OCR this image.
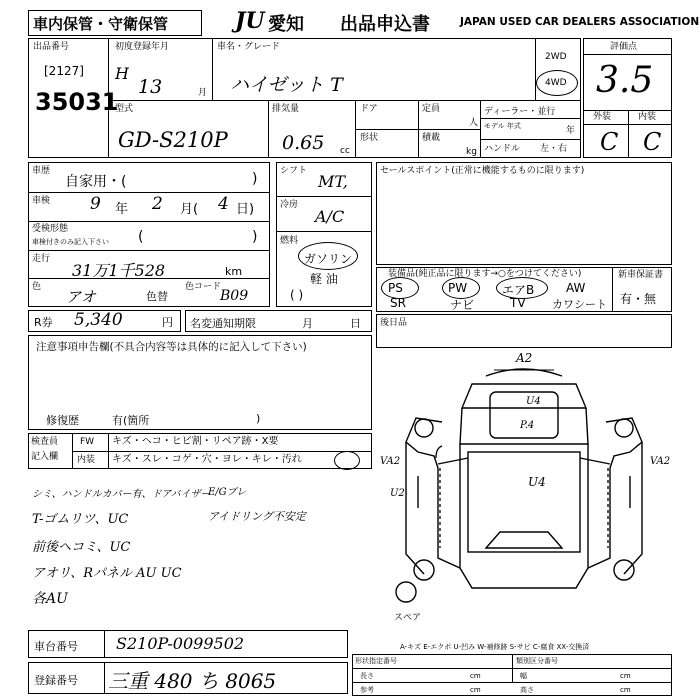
車内保管・守衛保管	JU 愛知 出品申込書	JAPAN USED CAR DEALERS ASSOCIATION
出品番号
[2127]
35031
初度登録年月
H
13	月
車名・グレード
ハイゼット T
2WD
4WD
評価点
3.5
外装	内装
C C
型式
GD-S210P
排気量
0.65 cc
ドア	定員
人
形状	積載
kg
ディーラー・並行
モデル 年式	年
ハンドル 左・右
車歴
自家用・(	)
車検 9 年 2 月( 4 日)
受検形態
車検付きのみ記入下さい (	)
走行
31万1千528	km
色
アオ	色替
色コード
B09
シフト
MT,
冷房
A/C
燃料
ガソリン
軽 油
( )
セールスポイント(正常に機能するものに限ります)
装備品(純正品に限ります→○をつけてください)
PS	PW	エアB	AW
SR	ナビ	TV カワシート
新車保証書
有・無
R券 5,340	円 名変通知期限	月	日
注意事項申告欄(不具合内容等は具体的に記入して下さい)
修復歴	有(箇所	)
後日品
検査員
記入欄
FW キズ・ヘコ・ヒビ割・リペア跡・X要
内装 キズ・スレ・コゲ・穴・ヨレ・キレ・汚れ
シミ、ハンドルカバー有、ドアバイザー
E/Gブレ
アイドリング不安定
T-ゴムリツ、UC
前後ヘコミ、UC
アオリ、Rパネル AU UC
各AU
A2
U4
P.4
U4
VA2	VA2
U2
スペア
車台番号 S210P-0099502
登録番号 三重 480 ち 8065
A-キズ E-エクボ U-凹み W-補修跡 S-サビ C-腐食 XX-交換済
形状指定番号	類別区分番号
長さ	cm	幅	cm
参考	cm	高さ	cm
